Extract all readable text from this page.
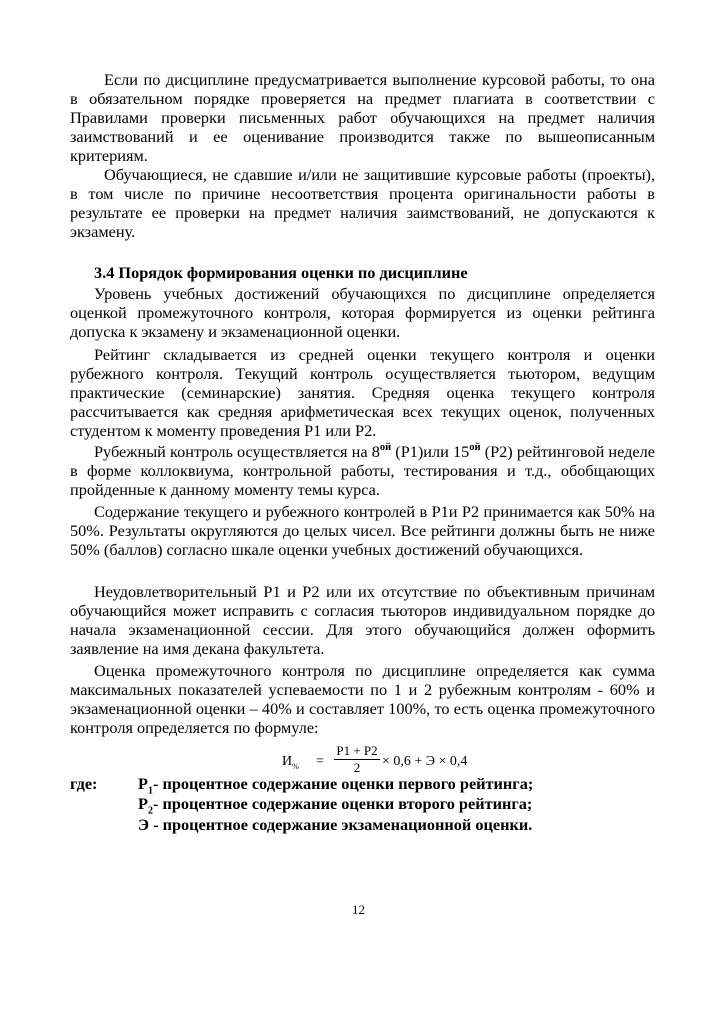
Если по дисциплине предусматривается выполнение курсовой работы, то она в обязательном порядке проверяется на предмет плагиата в соответствии с Правилами проверки письменных работ обучающихся на предмет наличия заимствований и ее оценивание производится также по вышеописанным критериям.

Обучающиеся, не сдавшие и/или не защитившие курсовые работы (проекты), в том числе по причине несоответствия процента оригинальности работы в результате ее проверки на предмет наличия заимствований, не допускаются к экзамену.

3.4 Порядок формирования оценки по дисциплине

Уровень учебных достижений обучающихся по дисциплине определяется оценкой промежуточного контроля, которая формируется из оценки рейтинга допуска к экзамену и экзаменационной оценки.

Рейтинг складывается из средней оценки текущего контроля и оценки рубежного контроля. Текущий контроль осуществляется тьютором, ведущим практические (семинарские) занятия. Средняя оценка текущего контроля рассчитывается как средняя арифметическая всех текущих оценок, полученных студентом к моменту проведения Р1 или Р2.

Рубежный контроль осуществляется на $8^{ой}$ (Р1)или $15^{ой}$ (Р2) рейтинговой неделе в форме коллоквиума, контрольной работы, тестирования и т.д., обобщающих пройденные к данному моменту темы курса.

Содержание текущего и рубежного контролей в Р1и Р2 принимается как 50% на 50%. Результаты округляются до целых чисел. Все рейтинги должны быть не ниже 50% (баллов) согласно шкале оценки учебных достижений обучающихся.

Неудовлетворительный Р1 и Р2 или их отсутствие по объективным причинам обучающийся может исправить с согласия тьюторов индивидуальном порядке до начала экзаменационной сессии. Для этого обучающийся должен оформить заявление на имя декана факультета.

Оценка промежуточного контроля по дисциплине определяется как сумма максимальных показателей успеваемости по 1 и 2 рубежным контролям - 60% и экзаменационной оценки – 40% и составляет 100%, то есть оценка промежуточного контроля определяется по формуле:

$И_{\%}$ =
Р1 + Р2
2	× 0,6 + Э × 0,4
где: $Р_1-$ процентное содержание оценки первого рейтинга;
$Р_2-$ процентное содержание оценки второго рейтинга;
Э - процентное содержание экзаменационной оценки.
12
